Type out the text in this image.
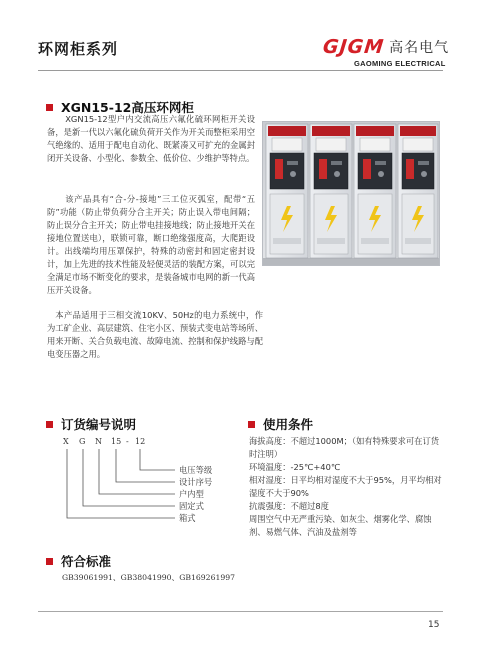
环网柜系列	GJGM 高名电气
GAOMING ELECTRICAL
XGN15-12高压环网柜
XGN15-12型户内交流高压六氟化硫环网柜开关设备，是新一代以六氟化硫负荷开关作为开关而整柜采用空气绝缘的、适用于配电自动化、既紧凑又可扩充的金属封闭开关设备、小型化、参数全、低价位、少维护等特点。
该产品具有“合-分-接地”三工位灭弧室，配带“五防”功能（防止带负荷分合主开关；防止误入带电间隔；防止误分合主开关；防止带电挂接地线；防止接地开关在接地位置送电），联锁可靠，断口绝缘强度高，大爬距设计。出线端均用压罩保护，特殊的动密封和固定密封设计，加上先进的技术性能及轻便灵活的装配方案，可以完全满足市场不断变化的要求，是装备城市电网的新一代高压开关设备。
本产品适用于三相交流10KV、50Hz的电力系统中，作为工矿企业、高层建筑、住宅小区、预装式变电站等场所、用来开断、关合负载电流、故障电流、控制和保护线路与配电变压器之用。
订货编号说明
X G N 15 - 12
电压等级
设计序号
户内型
固定式
箱式
使用条件
海拔高度：不超过1000M；（如有特殊要求可在订货时注明）
环境温度：-25℃+40℃
相对湿度：日平均相对湿度不大于95%，月平均相对湿度不大于90%
抗震强度：不超过8度
周围空气中无严重污染、如灰尘、烟雾化学、腐蚀剂、易燃气体、汽油及盐剂等
符合标准
GB39061991、GB38041990、GB169261997
15
